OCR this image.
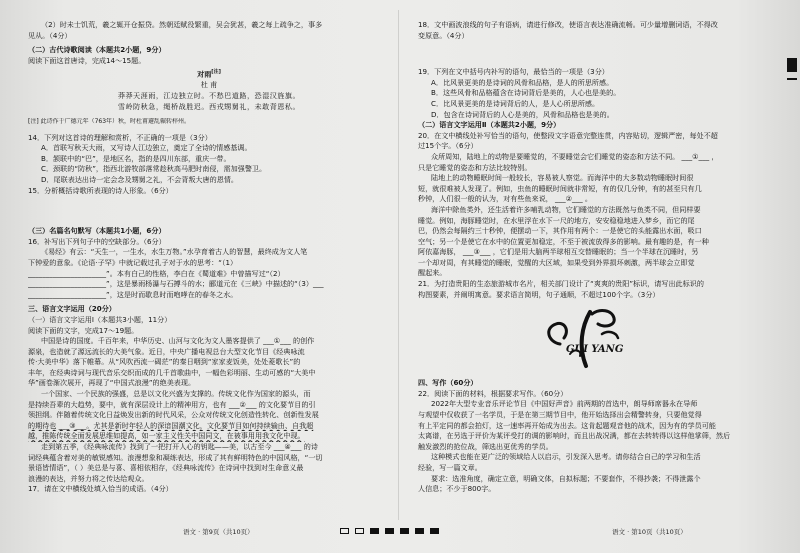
（2）时未士饥荒，羲之辄开仓振贷。然朝廷赋役繁重，吴会犹甚，羲之每上疏争之，事多

见从。（4分）

（二）古代诗歌阅读（本题共2小题，9分）

阅读下面这首唐诗，完成14～15题。

对雨[注]

杜 甫

莽莽天涯雨，江边独立时。不愁巴道路，恐湿汉旌旗。

雪岭防秋急，绳桥战胜迟。西戎甥舅礼，未敢背恩私。

[注] 此诗作于广德元年（763年）秋，时杜甫避乱辗转梓州。

14．下列对这首诗的理解和赏析，不正确的一项是（3分）

A．首联写秋天大雨，又写诗人江边独立，奠定了全诗的情感基调。

B．颔联中的“巴”，是地区名，指的是四川东部，重庆一带。

C．颈联的“防秋”，指西北游牧部落常趁秋高马肥时南侵，需加强警卫。

D．尾联表达出诗一定会念及甥舅之礼，不会背叛大唐的恩情。

15．分析概括诗歌所表现的诗人形象。（6分）

（三）名篇名句默写（本题共1小题，6分）

16．补写出下列句子中的空缺部分。（6分）

《易经》有云：“天生一，一生水，水生万物。”水孕育着古人的智慧，最终成为文人笔

下钟爱的意象。《论语·子罕》中就记载过孔子对于水的思考：“（1）

______________________”。本有白己的性格，李白在《蜀道难》中曾描写过“（2）

______________________”，这是暴雨杨瀑与石搏斗的水；郦道元在《三峡》中描述的“（3）___

______________________”，这是时而歇息时而咆哮在的春冬之水。

三、语言文字运用（20分）

（一）语言文字运用Ⅰ（本题共3小题，11分）

阅读下面的文字，完成17～19题。

中国是诗的国度。千百年来，中华历史、山河与文化为文人墨客提供了 ___①___ 的创作

源泉，也造就了源远流长的大美气象。近日，中央广播电视总台大型文化节目《经典咏流

传·大美中华》落下帷幕。从“风吹西流一碣茫”的秦日咽到“家家麦饭美，处处菱歌长”的

丰年，在经典诗词与现代音乐交织而成的几千首歌曲中，一幅色彩明丽、生动可感的“大美中

华”画卷渐次展开，再现了“中国式浪漫”的绝美表现。

一个国家、一个民族的强盛，总是以文化兴盛为支撑的。传统文化作为国家的源头，而

是持续吾辈的大趋势，要中，就有深层设计上的精神用方，也有 ___②___ 的文化要节目的引

领担纲。伴随着传统文化日益焕发出新的时代风采，公众对传统文化创造性转化、创新性发展

的期待也 ___③___。尤其是新时年轻人的深谙国潮文化，文化要节目如何持续输由、自我超

越，推陈传统全面发展思维如提高，如一家主义性关中国同文，在被事用用我文化中现。

走到第五季，《经典咏流传》找到了一把打开人心的钥匙——美，以古至今 ___④___ 的诗

词经典蕴含着对美的敏锐感知。浪漫想象和凝练表达，形成了其有鲜明特色的中国风格，“一切

景语皆情语”，（ ）美总是与喜、喜相依相存，《经典咏流传》在诗词中找到对生命意义最

浪漫的表达，并努力将之传达给观众。

17．请在文中横线处填入恰当的成语。（4分）

18．文中画波浪线的句子有语病，请进行修改，使语言表达准确流畅。可少量增删词语，不得改

变原意。（4分）

19．下列在文中括号内补写的语句，最恰当的一项是（3分）

A．比风景更美的是诗词的风骨和品格，是人的所思所感。

B．这些风骨和品格蕴含在诗词背后是美的，人心也是美的。

C．比风景更美的是诗词背后的人，是人心所思所感。

D．包含在诗词背后的人心是美的，风骨和品格也是美的。

（二）语言文字运用Ⅱ（本题共2小题，9分）

20．在文中横线处补写恰当的语句，使整段文字语意完整连贯，内容贴切，逻辑严密，每处不超

过15个字。（6分）

众所周知，陆地上的动物是要睡觉的，不要睡觉会它们睡觉的姿态和方法不同。 ___①___ ，

只是它睡觉的姿态和方法比较特别。

陆地上的动物睡眠时间一般较长，容易被人察觉。而海洋中的大多数动物睡眠时间很

短，就很难被人发现了。例如，虫鱼的睡眠时间就非常短，有的仅几分钟，有的甚至只有几

秒钟，人们很一般的认为，对有些鱼来说， ___②___ 。

海洋中除鱼类外，还生活着许多哺乳动物，它们睡觉的方法既然与鱼类不同，但同样要

睡觉。例如，海豚睡觉时，在水里浮在水下一尺的地方，安安稳稳地进入梦乡，而它的尾

巴，仍然会每隔约三十秒钟，便摆动一下，其作用有两个：一是使它的头能露出水面，吸口

空气；另一个是使它在水中的位置更加稳定，不至于被流放得多的影响。最有趣的是，有一种

阿依嘉海豚， ___③___ ，它们是用大脑两半球相互交替睡眠的；当一个半球在沉睡时，另

一个却对周，有其睡觉的睡眠，觉醒的大区域，如果受到外界损坏刺激，两半球会立即觉

醒起来。

21．为打造贵阳的生态旅游城市名片，相关部门设计了“爽爽的贵阳”标识，请写出此标识的

构图要素，并阐明寓意。要求语言简明，句子通顺，不超过100个字。（3分）

GUI YANG

四、写作（60分）

22．阅读下面的材料，根据要求写作。（60分）

2022年大型专业音乐评论节目《中国好声音》前两期的首选中，朗导师席器永在导师

与观望中仅收获了一名学员，于是在第三期节目中，他开始选择出会精警转身，只要他觉得

有上平定同的都会拍灯，这一速率再开始成为出去。这肯起题观音他的战术，因为有的学员可能

太离谱，在另选于评价为某评受打的调的影响时，而且出战况满，都在去转转得以这样他掌筛，然后

触发激烈的抢位战，筛选出更优秀的学员。

这种模式也能在更广泛的领域给人以启示，引发深入思考。请你结合自己的学习和生活

经验，写一篇文章。

要求：选准角度，确定立意，明确文体，自拟标题；不要套作，不得抄袭；不得泄露个

人信息；不少于800字。

语文 · 第9页（共10页）	语文 · 第10页（共10页）
